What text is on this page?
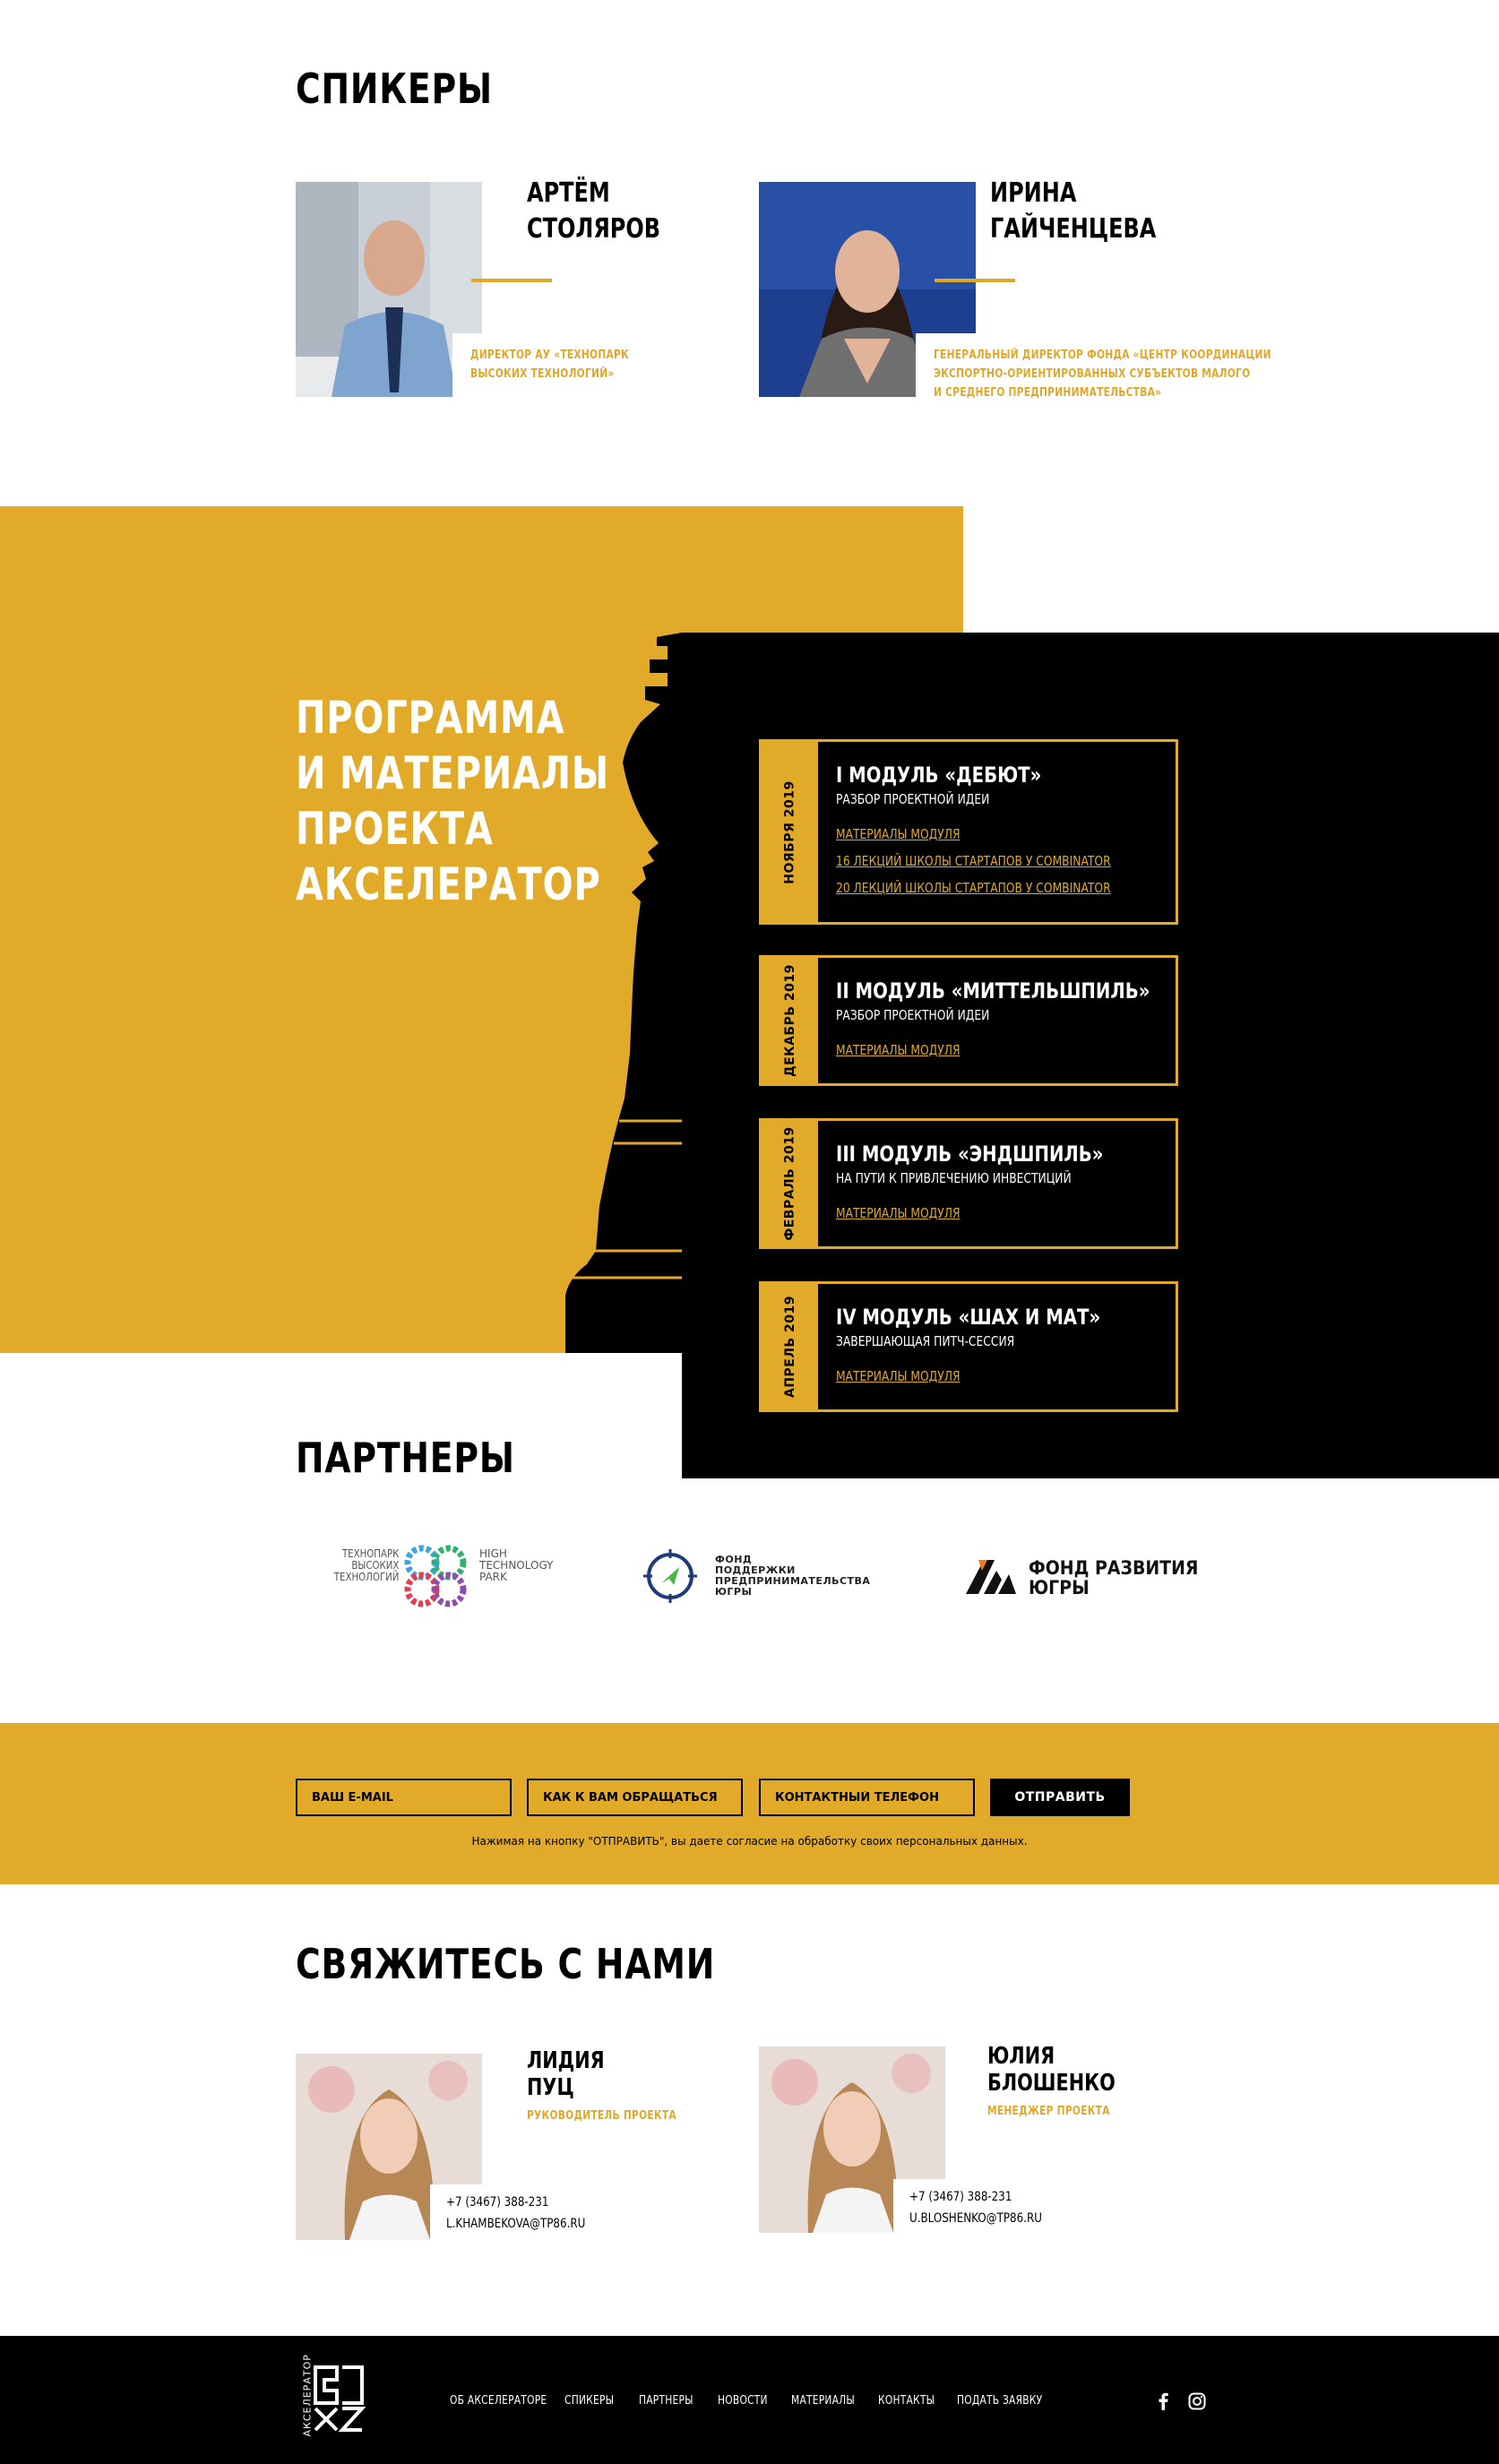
СПИКЕРЫ
АРТЁМ
СТОЛЯРОВ
ДИРЕКТОР АУ «ТЕХНОПАРК
ВЫСОКИХ ТЕХНОЛОГИЙ»
ИРИНА
ГАЙЧЕНЦЕВА
ГЕНЕРАЛЬНЫЙ ДИРЕКТОР ФОНДА «ЦЕНТР КООРДИНАЦИИ
ЭКСПОРТНО-ОРИЕНТИРОВАННЫХ СУБЪЕКТОВ МАЛОГО
И СРЕДНЕГО ПРЕДПРИНИМАТЕЛЬСТВА»
ПРОГРАММА
И МАТЕРИАЛЫ
ПРОЕКТА
АКСЕЛЕРАТОР
НОЯБРЯ 2019
I МОДУЛЬ «ДЕБЮТ»
РАЗБОР ПРОЕКТНОЙ ИДЕИ
МАТЕРИАЛЫ МОДУЛЯ
16 ЛЕКЦИЙ ШКОЛЫ СТАРТАПОВ У COMBINATOR
20 ЛЕКЦИЙ ШКОЛЫ СТАРТАПОВ У COMBINATOR
ДЕКАБРЬ 2019 II МОДУЛЬ «МИТТЕЛЬШПИЛЬ»
РАЗБОР ПРОЕКТНОЙ ИДЕИ
МАТЕРИАЛЫ МОДУЛЯ
ФЕВРАЛЬ 2019 III МОДУЛЬ «ЭНДШПИЛЬ»
НА ПУТИ К ПРИВЛЕЧЕНИЮ ИНВЕСТИЦИЙ
МАТЕРИАЛЫ МОДУЛЯ
АПРЕЛЬ 2019 IV МОДУЛЬ «ШАХ И МАТ»
ЗАВЕРШАЮЩАЯ ПИТЧ-СЕССИЯ
МАТЕРИАЛЫ МОДУЛЯ
ПАРТНЕРЫ
ТЕХНОПАРК
ВЫСОКИХ
ТЕХНОЛОГИЙ
HIGH
TECHNOLOGY
PARK
ФОНД
ПОДДЕРЖКИ
ПРЕДПРИНИМАТЕЛЬСТВА
ЮГРЫ
ФОНД РАЗВИТИЯ
ЮГРЫ
ВАШ E-MAIL
КАК К ВАМ ОБРАЩАТЬСЯ
КОНТАКТНЫЙ ТЕЛЕФОН
ОТПРАВИТЬ
Нажимая на кнопку "ОТПРАВИТЬ", вы даете согласие на обработку своих персональных данных.
СВЯЖИТЕСЬ С НАМИ
ЛИДИЯ
ПУЦ
РУКОВОДИТЕЛЬ ПРОЕКТА
+7 (3467) 388-231
L.KHAMBEKOVA@TP86.RU
ЮЛИЯ
БЛОШЕНКО
МЕНЕДЖЕР ПРОЕКТА
+7 (3467) 388-231
U.BLOSHENKO@TP86.RU
АКСЕЛЕРАТОР	ОБ АКСЕЛЕРАТОРЕ СПИКЕРЫ ПАРТНЕРЫ НОВОСТИ МАТЕРИАЛЫ КОНТАКТЫ ПОДАТЬ ЗАЯВКУ
